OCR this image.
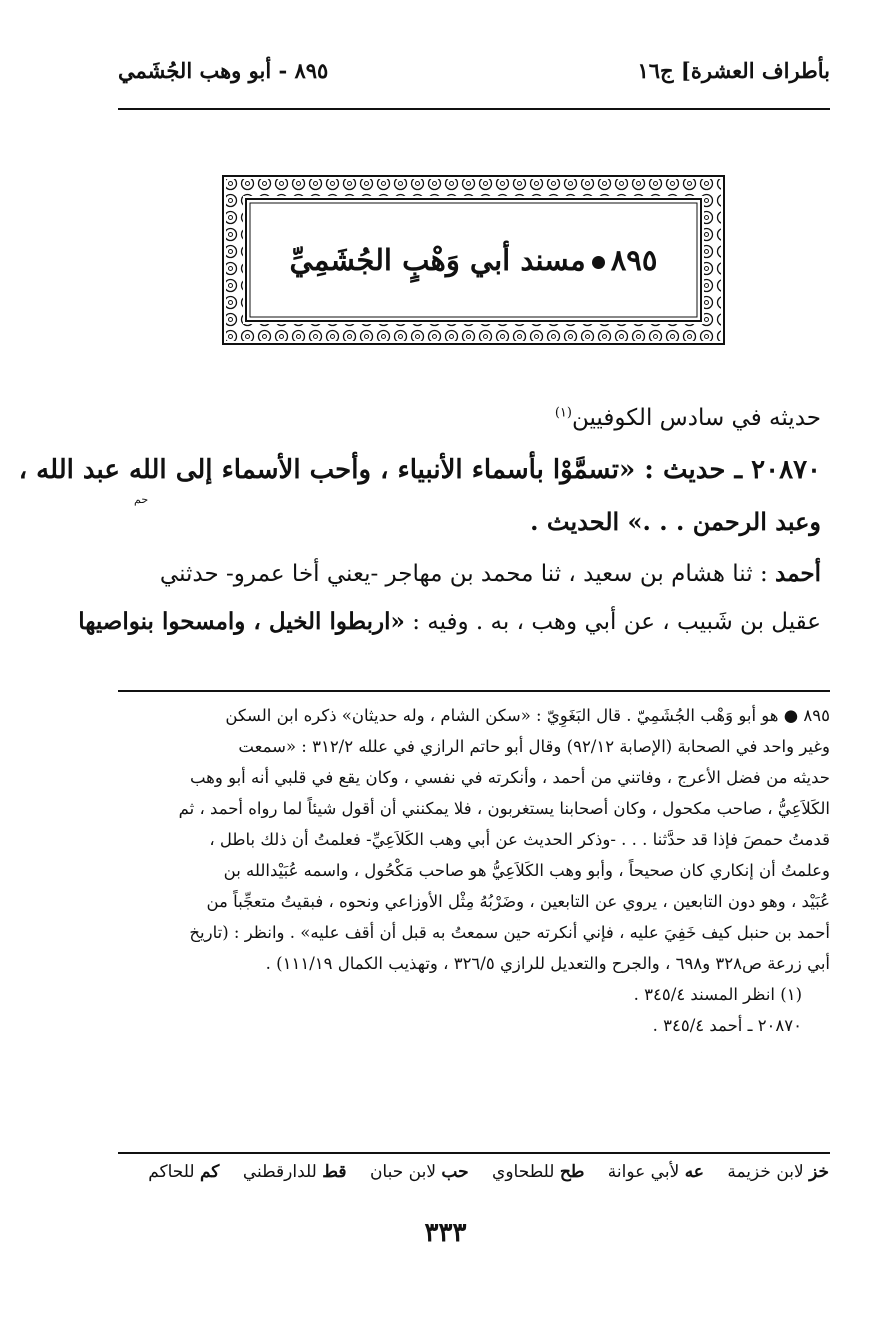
بأطراف العشرة] ج١٦
٨٩٥ - أبو وهب الجُشَمي
٨٩٥مسند أبي وَهْبٍ الجُشَمِيِّ
حديثه في سادس الكوفيين$^{(١)}$
٢٠٨٧٠ ـ حديث : «تسمَّوْا بأسماء الأنبياء ، وأحب الأسماء إلى الله عبد الله ،
حم
وعبد الرحمن . . .» الحديث .
أحمد : ثنا هشام بن سعيد ، ثنا محمد بن مهاجر -يعني أخا عمرو- حدثني
عقيل بن شَبيب ، عن أبي وهب ، به . وفيه : «اربطوا الخيل ، وامسحوا بنواصيها
٨٩٥ ● هو أبو وَهْب الجُشَمِيّ . قال البَغَوِيّ : «سكن الشام ، وله حديثان» ذكره ابن السكن
وغير واحد في الصحابة (الإصابة ٩٢/١٢) وقال أبو حاتم الرازي في علله ٣١٢/٢ : «سمعت
حديثه من فضل الأعرج ، وفاتني من أحمد ، وأنكرته في نفسي ، وكان يقع في قلبي أنه أبو وهب
الكَلاَعِيُّ ، صاحب مكحول ، وكان أصحابنا يستغربون ، فلا يمكنني أن أقول شيئاً لما رواه أحمد ، ثم
قدمتُ حمصَ فإذا قد حدَّثنا . . . -وذكر الحديث عن أبي وهب الكَلاَعِيِّ- فعلمتُ أن ذلك باطل ،
وعلمتُ أن إنكاري كان صحيحاً ، وأبو وهب الكَلاَعِيُّ هو صاحب مَكْحُول ، واسمه عُبَيْدالله بن
عُبَيْد ، وهو دون التابعين ، يروي عن التابعين ، وضَرْبُهُ مِثْل الأوزاعي ونحوه ، فبقيتُ متعجِّباً من
أحمد بن حنبل كيف خَفِيَ عليه ، فإني أنكرته حين سمعتُ به قبل أن أقف عليه» . وانظر : (تاريخ
أبي زرعة ص٣٢٨ و٦٩٨ ، والجرح والتعديل للرازي ٣٢٦/٥ ، وتهذيب الكمال ١١١/١٩) .
(١) انظر المسند ٣٤٥/٤ .
٢٠٨٧٠ ـ أحمد ٣٤٥/٤ .
خز لابن خزيمة عه لأبي عوانة طح للطحاوي حب لابن حبان قط للدارقطني كم للحاكم
٣٣٣
